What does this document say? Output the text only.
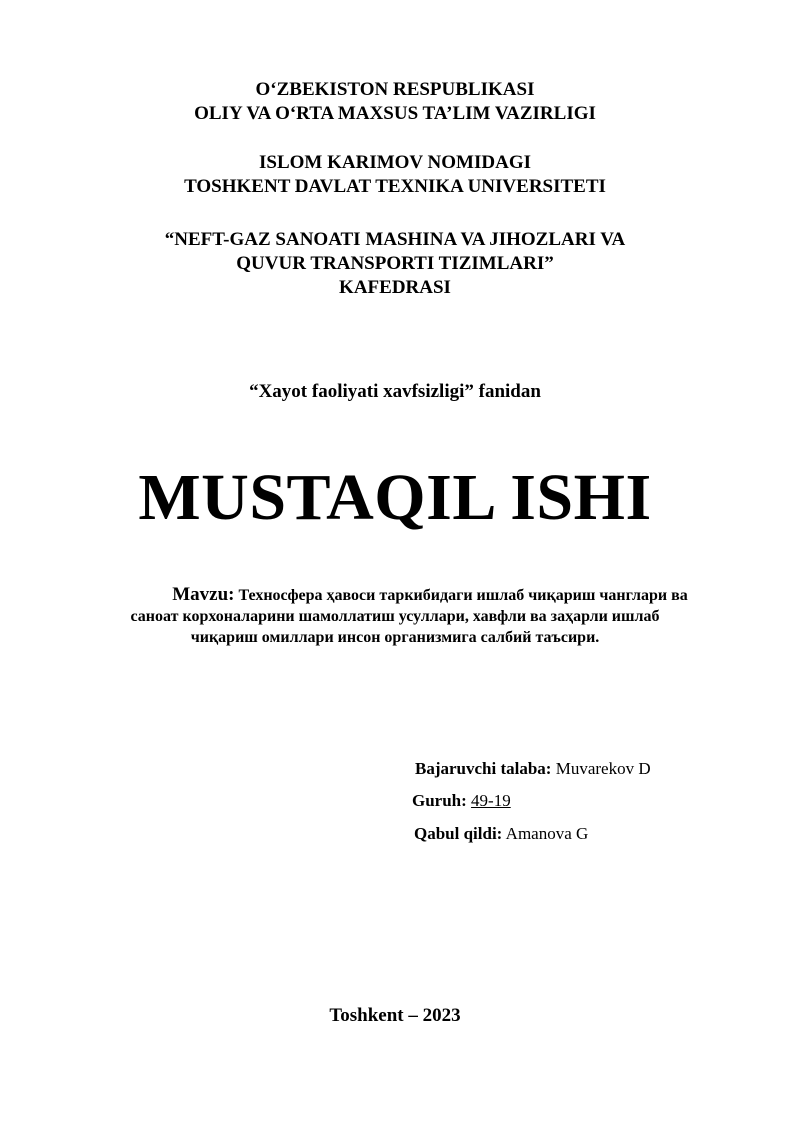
O‘ZBEKISTON RESPUBLIKASI
OLIY VA O‘RTA MAXSUS TA’LIM VAZIRLIGI
ISLOM KARIMOV NOMIDAGI
TOSHKENT DAVLAT TEXNIKA UNIVERSITETI
“NEFT-GAZ SANOATI MASHINA VA JIHOZLARI VA
QUVUR TRANSPORTI TIZIMLARI”
KAFEDRASI
“Xayot faoliyati xavfsizligi” fanidan
MUSTAQIL ISHI
Mavzu: Техносфера ҳавоси таркибидаги ишлаб чиқариш чанглари ва саноат корхоналарини шамоллатиш усуллари, хавфли ва заҳарли ишлаб чиқариш омиллари инсон организмига салбий таъсири.
Bajaruvchi talaba: Muvarekov D
Guruh: 49-19
Qabul qildi: Amanova G
Toshkent – 2023
